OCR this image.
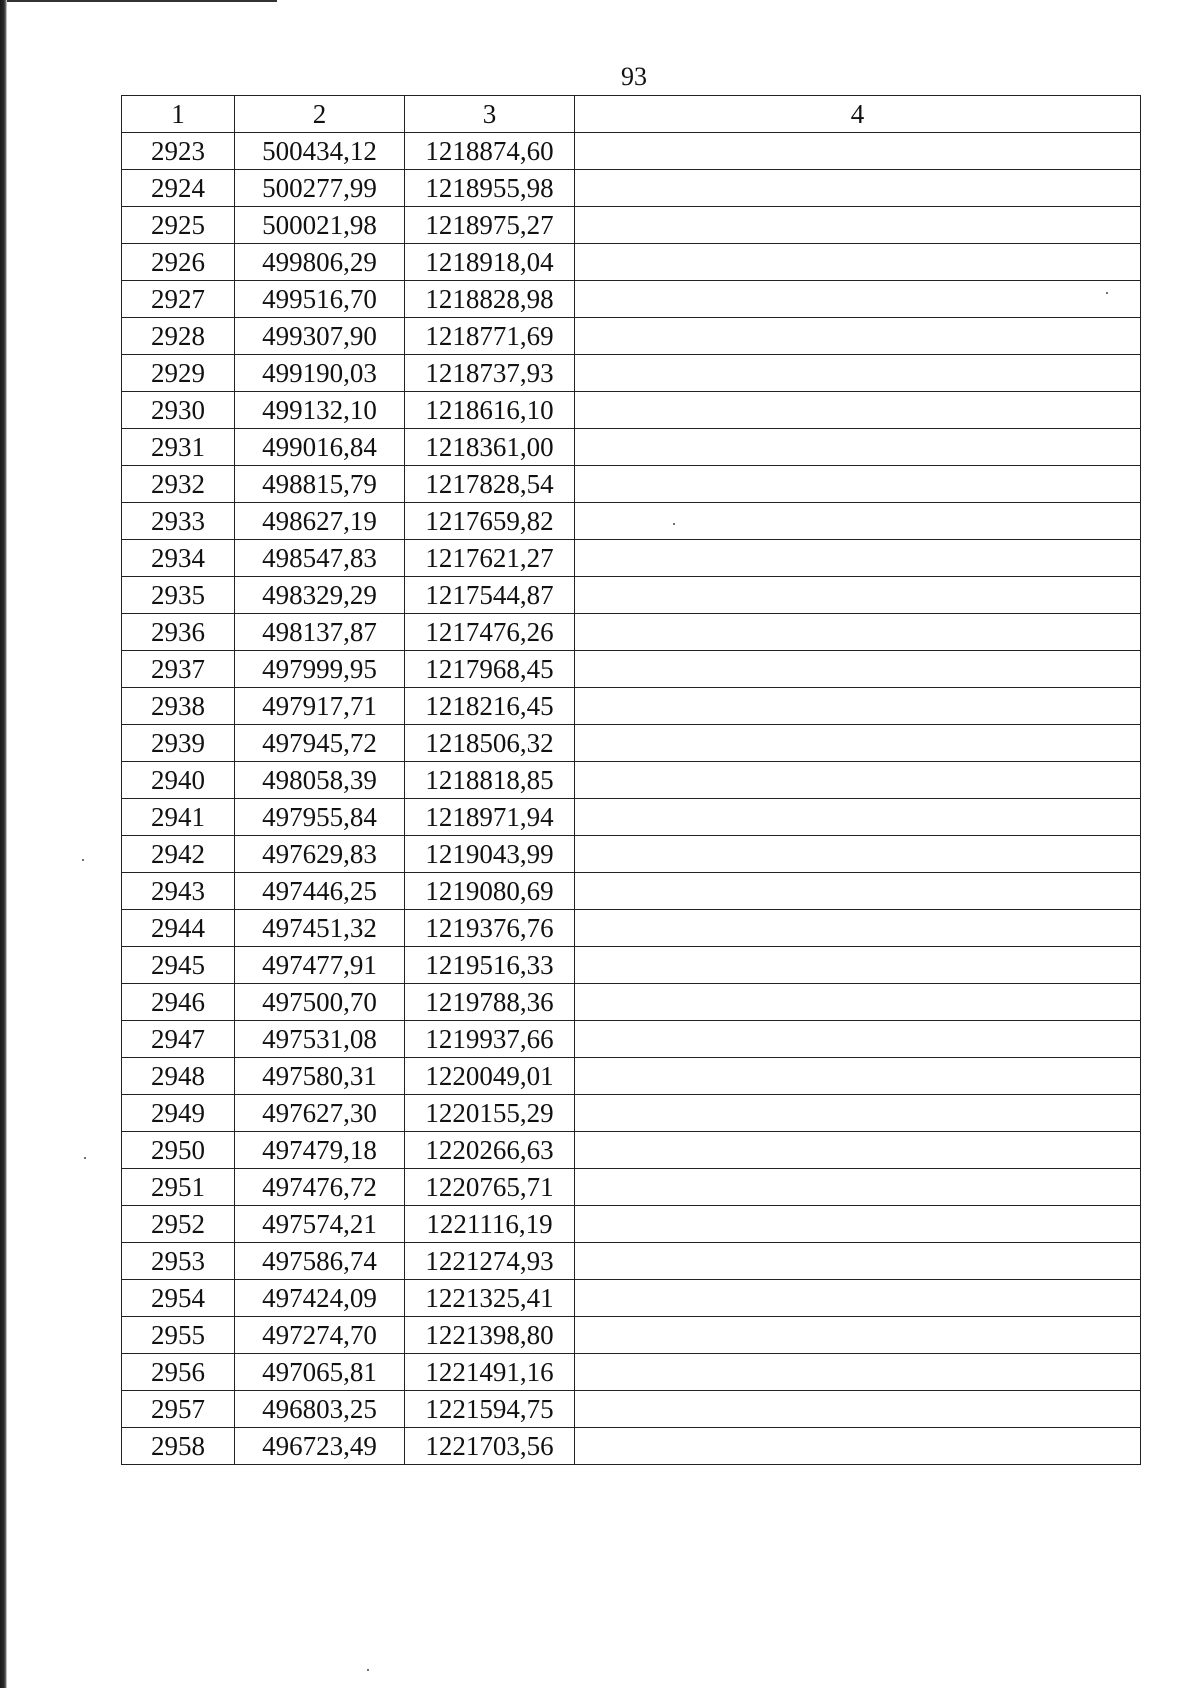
93
1	2	3	4
2923	500434,12	1218874,60	
2924	500277,99	1218955,98	
2925	500021,98	1218975,27	
2926	499806,29	1218918,04	
2927	499516,70	1218828,98	
2928	499307,90	1218771,69	
2929	499190,03	1218737,93	
2930	499132,10	1218616,10	
2931	499016,84	1218361,00	
2932	498815,79	1217828,54	
2933	498627,19	1217659,82	
2934	498547,83	1217621,27	
2935	498329,29	1217544,87	
2936	498137,87	1217476,26	
2937	497999,95	1217968,45	
2938	497917,71	1218216,45	
2939	497945,72	1218506,32	
2940	498058,39	1218818,85	
2941	497955,84	1218971,94	
2942	497629,83	1219043,99	
2943	497446,25	1219080,69	
2944	497451,32	1219376,76	
2945	497477,91	1219516,33	
2946	497500,70	1219788,36	
2947	497531,08	1219937,66	
2948	497580,31	1220049,01	
2949	497627,30	1220155,29	
2950	497479,18	1220266,63	
2951	497476,72	1220765,71	
2952	497574,21	1221116,19	
2953	497586,74	1221274,93	
2954	497424,09	1221325,41	
2955	497274,70	1221398,80	
2956	497065,81	1221491,16	
2957	496803,25	1221594,75	
2958	496723,49	1221703,56	
